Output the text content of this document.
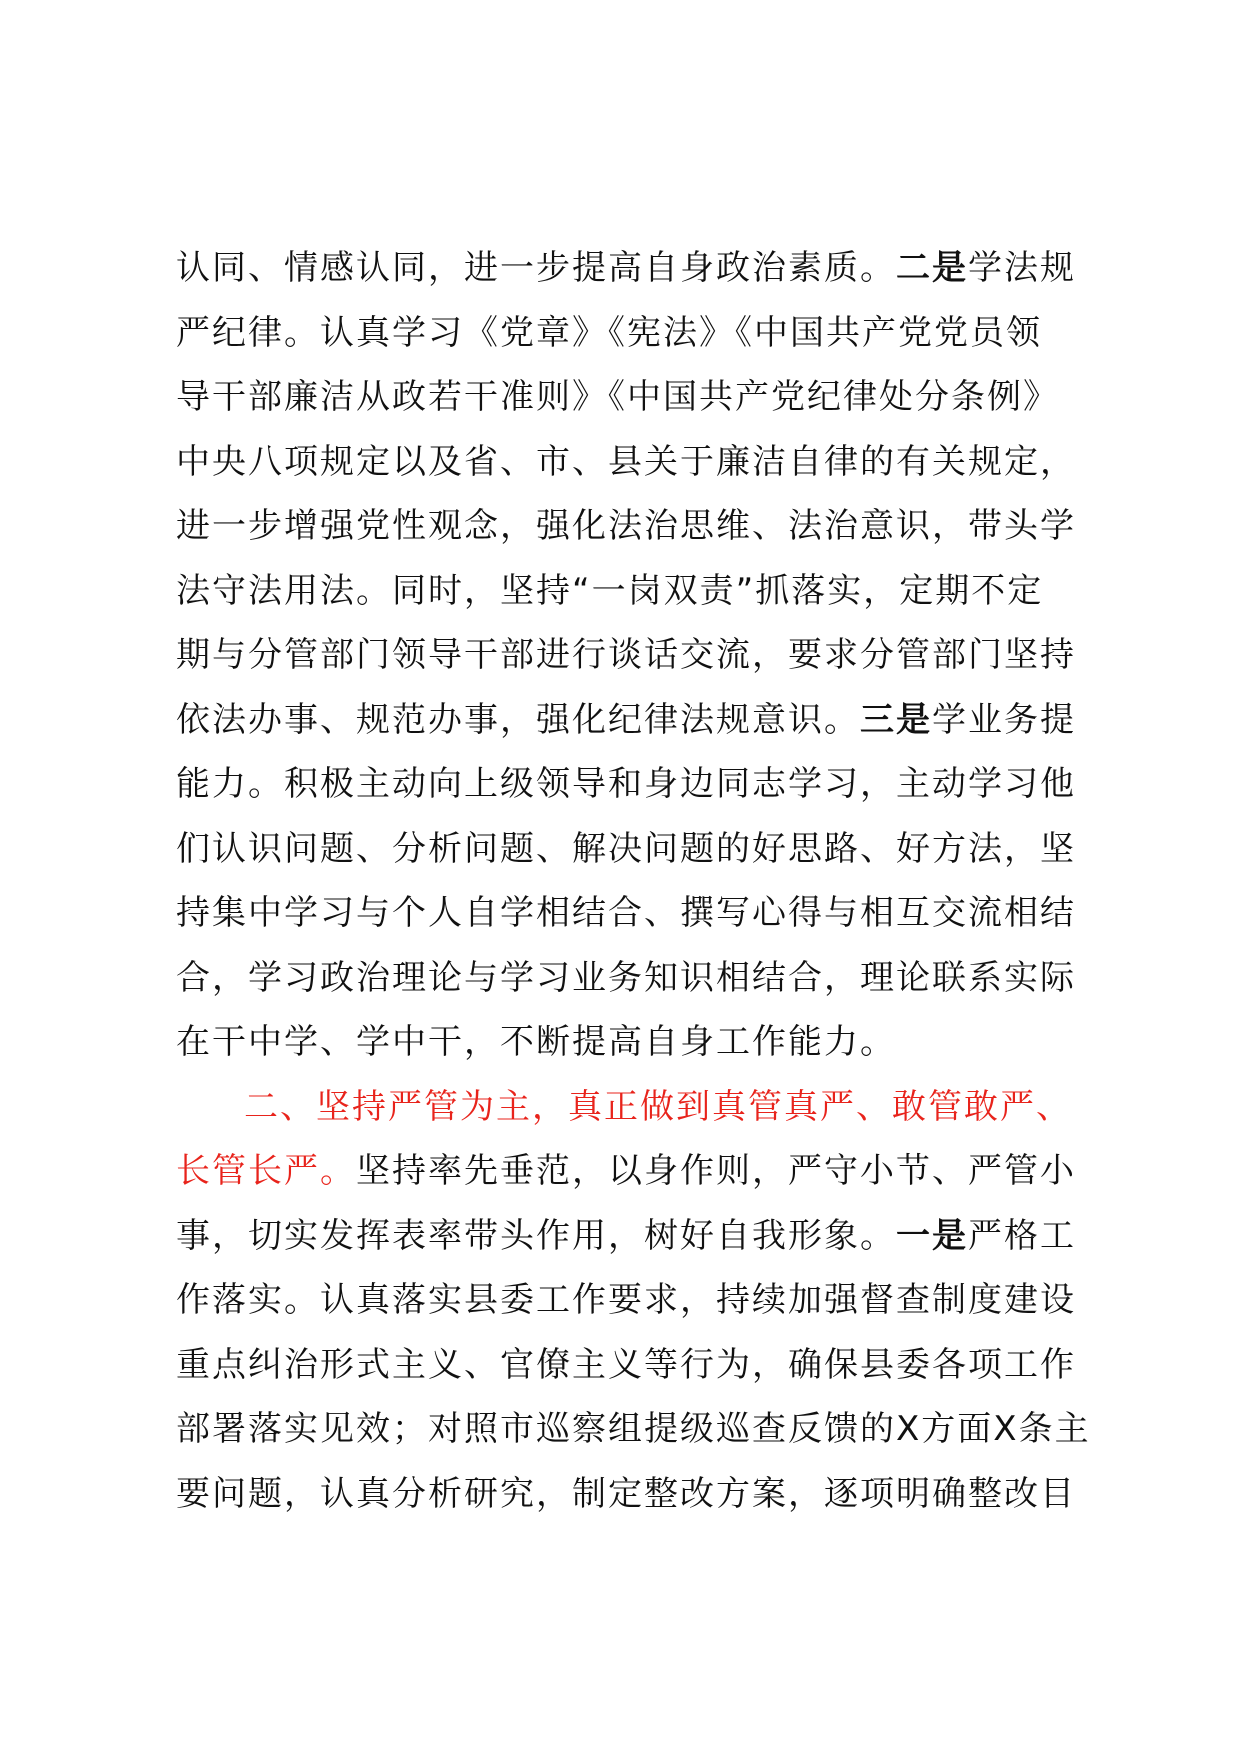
认同、情感认同，进一步提高自身政治素质。二是学法规
严纪律。认真学习《党章》《宪法》《中国共产党党员领
导干部廉洁从政若干准则》《中国共产党纪律处分条例》
中央八项规定以及省、市、县关于廉洁自律的有关规定，
进一步增强党性观念，强化法治思维、法治意识，带头学
法守法用法。同时，坚持“一岗双责”抓落实，定期不定
期与分管部门领导干部进行谈话交流，要求分管部门坚持
依法办事、规范办事，强化纪律法规意识。三是学业务提
能力。积极主动向上级领导和身边同志学习，主动学习他
们认识问题、分析问题、解决问题的好思路、好方法，坚
持集中学习与个人自学相结合、撰写心得与相互交流相结
合，学习政治理论与学习业务知识相结合，理论联系实际
在干中学、学中干，不断提高自身工作能力。
二、坚持严管为主，真正做到真管真严、敢管敢严、
长管长严。坚持率先垂范，以身作则，严守小节、严管小
事，切实发挥表率带头作用，树好自我形象。一是严格工
作落实。认真落实县委工作要求，持续加强督查制度建设
重点纠治形式主义、官僚主义等行为，确保县委各项工作
部署落实见效；对照市巡察组提级巡查反馈的X方面X条主
要问题，认真分析研究，制定整改方案，逐项明确整改目
